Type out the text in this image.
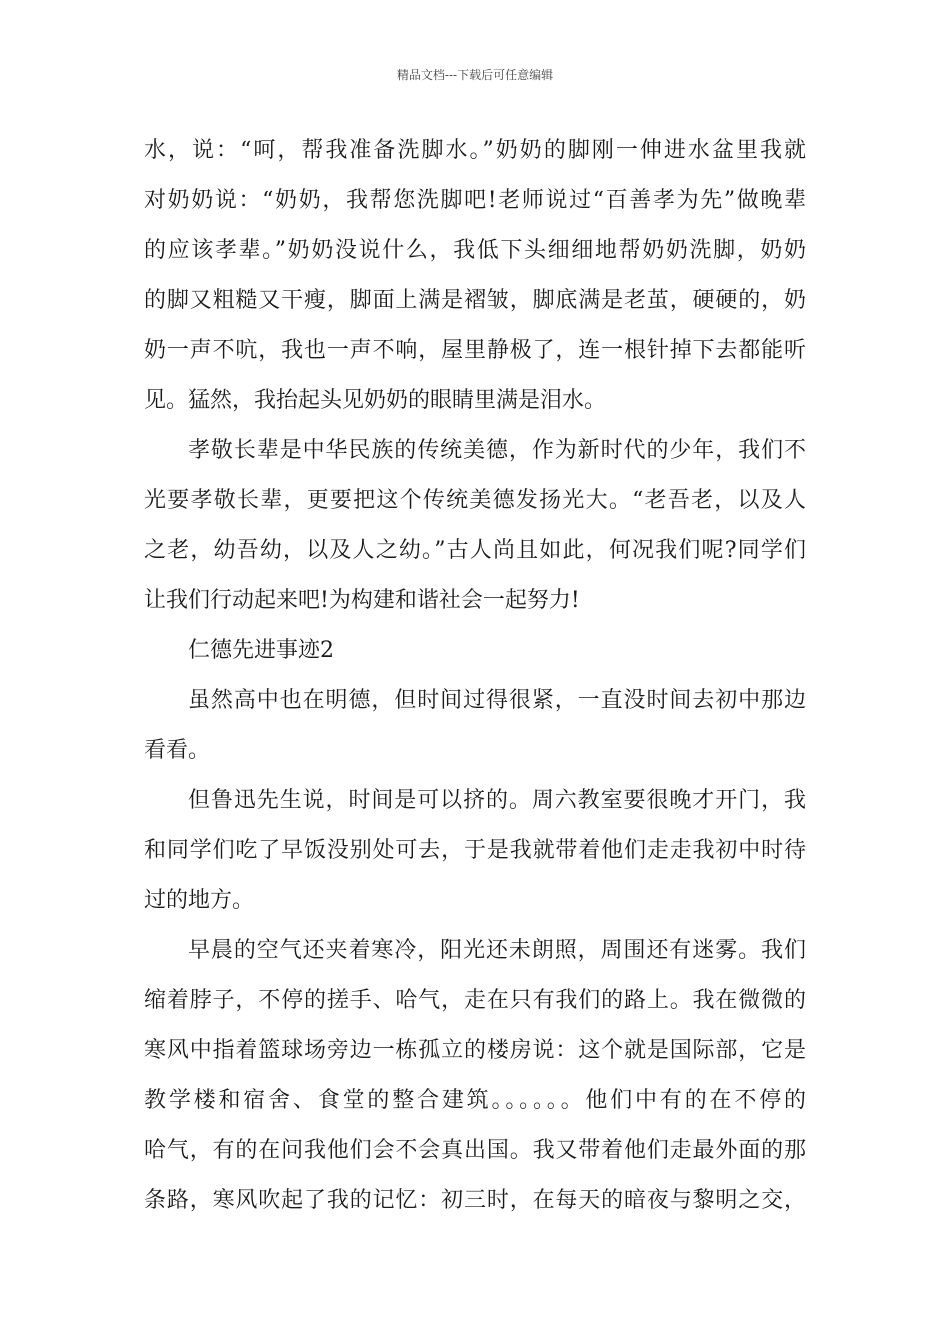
精品文档---下载后可任意编辑
水，说：“呵，帮我准备洗脚水。”奶奶的脚刚一伸进水盆里我就
对奶奶说：“奶奶，我帮您洗脚吧!老师说过“百善孝为先”做晚辈
的应该孝辈。”奶奶没说什么，我低下头细细地帮奶奶洗脚，奶奶
的脚又粗糙又干瘦，脚面上满是褶皱，脚底满是老茧，硬硬的，奶
奶一声不吭，我也一声不响，屋里静极了，连一根针掉下去都能听
见。猛然，我抬起头见奶奶的眼睛里满是泪水。
孝敬长辈是中华民族的传统美德，作为新时代的少年，我们不
光要孝敬长辈，更要把这个传统美德发扬光大。“老吾老，以及人
之老，幼吾幼，以及人之幼。”古人尚且如此，何况我们呢?同学们
让我们行动起来吧!为构建和谐社会一起努力!
仁德先进事迹2
虽然高中也在明德，但时间过得很紧，一直没时间去初中那边
看看。
但鲁迅先生说，时间是可以挤的。周六教室要很晚才开门，我
和同学们吃了早饭没别处可去，于是我就带着他们走走我初中时待
过的地方。
早晨的空气还夹着寒冷，阳光还未朗照，周围还有迷雾。我们
缩着脖子，不停的搓手、哈气，走在只有我们的路上。我在微微的
寒风中指着篮球场旁边一栋孤立的楼房说：这个就是国际部，它是
教学楼和宿舍、食堂的整合建筑。。。。。。他们中有的在不停的
哈气，有的在问我他们会不会真出国。我又带着他们走最外面的那
条路，寒风吹起了我的记忆：初三时，在每天的暗夜与黎明之交，
